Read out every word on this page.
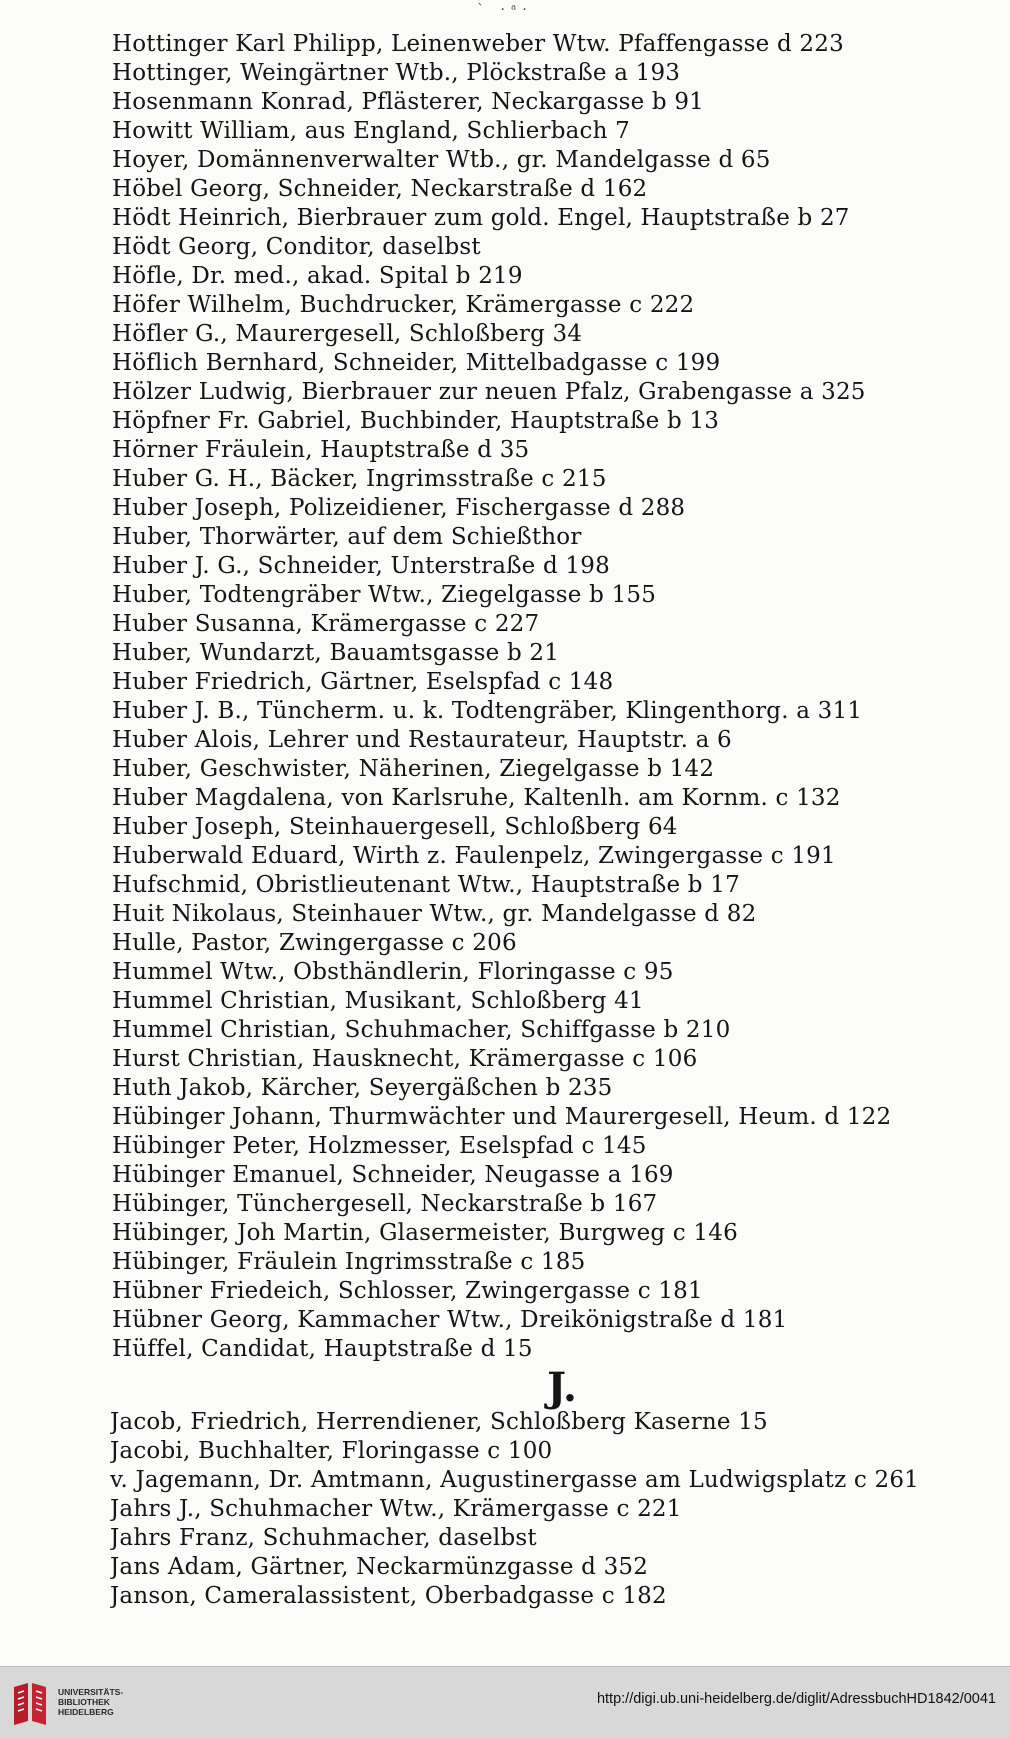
ˋ ·ᵃ·
Hottinger Karl Philipp, Leinenweber Wtw. Pfaffengasse d 223
Hottinger, Weingärtner Wtb., Plöckstraße a 193
Hosenmann Konrad, Pflästerer, Neckargasse b 91
Howitt William, aus England, Schlierbach 7
Hoyer, Domännenverwalter Wtb., gr. Mandelgasse d 65
Höbel Georg, Schneider, Neckarstraße d 162
Hödt Heinrich, Bierbrauer zum gold. Engel, Hauptstraße b 27
Hödt Georg, Conditor, daselbst
Höfle, Dr. med., akad. Spital b 219
Höfer Wilhelm, Buchdrucker, Krämergasse c 222
Höfler G., Maurergesell, Schloßberg 34
Höflich Bernhard, Schneider, Mittelbadgasse c 199
Hölzer Ludwig, Bierbrauer zur neuen Pfalz, Grabengasse a 325
Höpfner Fr. Gabriel, Buchbinder, Hauptstraße b 13
Hörner Fräulein, Hauptstraße d 35
Huber G. H., Bäcker, Ingrimsstraße c 215
Huber Joseph, Polizeidiener, Fischergasse d 288
Huber, Thorwärter, auf dem Schießthor
Huber J. G., Schneider, Unterstraße d 198
Huber, Todtengräber Wtw., Ziegelgasse b 155
Huber Susanna, Krämergasse c 227
Huber, Wundarzt, Bauamtsgasse b 21
Huber Friedrich, Gärtner, Eselspfad c 148
Huber J. B., Tüncherm. u. k. Todtengräber, Klingenthorg. a 311
Huber Alois, Lehrer und Restaurateur, Hauptstr. a 6
Huber, Geschwister, Näherinen, Ziegelgasse b 142
Huber Magdalena, von Karlsruhe, Kaltenlh. am Kornm. c 132
Huber Joseph, Steinhauergesell, Schloßberg 64
Huberwald Eduard, Wirth z. Faulenpelz, Zwingergasse c 191
Hufschmid, Obristlieutenant Wtw., Hauptstraße b 17
Huit Nikolaus, Steinhauer Wtw., gr. Mandelgasse d 82
Hulle, Pastor, Zwingergasse c 206
Hummel Wtw., Obsthändlerin, Floringasse c 95
Hummel Christian, Musikant, Schloßberg 41
Hummel Christian, Schuhmacher, Schiffgasse b 210
Hurst Christian, Hausknecht, Krämergasse c 106
Huth Jakob, Kärcher, Seyergäßchen b 235
Hübinger Johann, Thurmwächter und Maurergesell, Heum. d 122
Hübinger Peter, Holzmesser, Eselspfad c 145
Hübinger Emanuel, Schneider, Neugasse a 169
Hübinger, Tünchergesell, Neckarstraße b 167
Hübinger, Joh Martin, Glasermeister, Burgweg c 146
Hübinger, Fräulein Ingrimsstraße c 185
Hübner Friedeich, Schlosser, Zwingergasse c 181
Hübner Georg, Kammacher Wtw., Dreikönigstraße d 181
Hüffel, Candidat, Hauptstraße d 15
J.
Jacob, Friedrich, Herrendiener, Schloßberg Kaserne 15
Jacobi, Buchhalter, Floringasse c 100
v. Jagemann, Dr. Amtmann, Augustinergasse am Ludwigsplatz c 261
Jahrs J., Schuhmacher Wtw., Krämergasse c 221
Jahrs Franz, Schuhmacher, daselbst
Jans Adam, Gärtner, Neckarmünzgasse d 352
Janson, Cameralassistent, Oberbadgasse c 182
UNIVERSITÄTS-
BIBLIOTHEK
HEIDELBERG
http://digi.ub.uni-heidelberg.de/diglit/AdressbuchHD1842/0041
